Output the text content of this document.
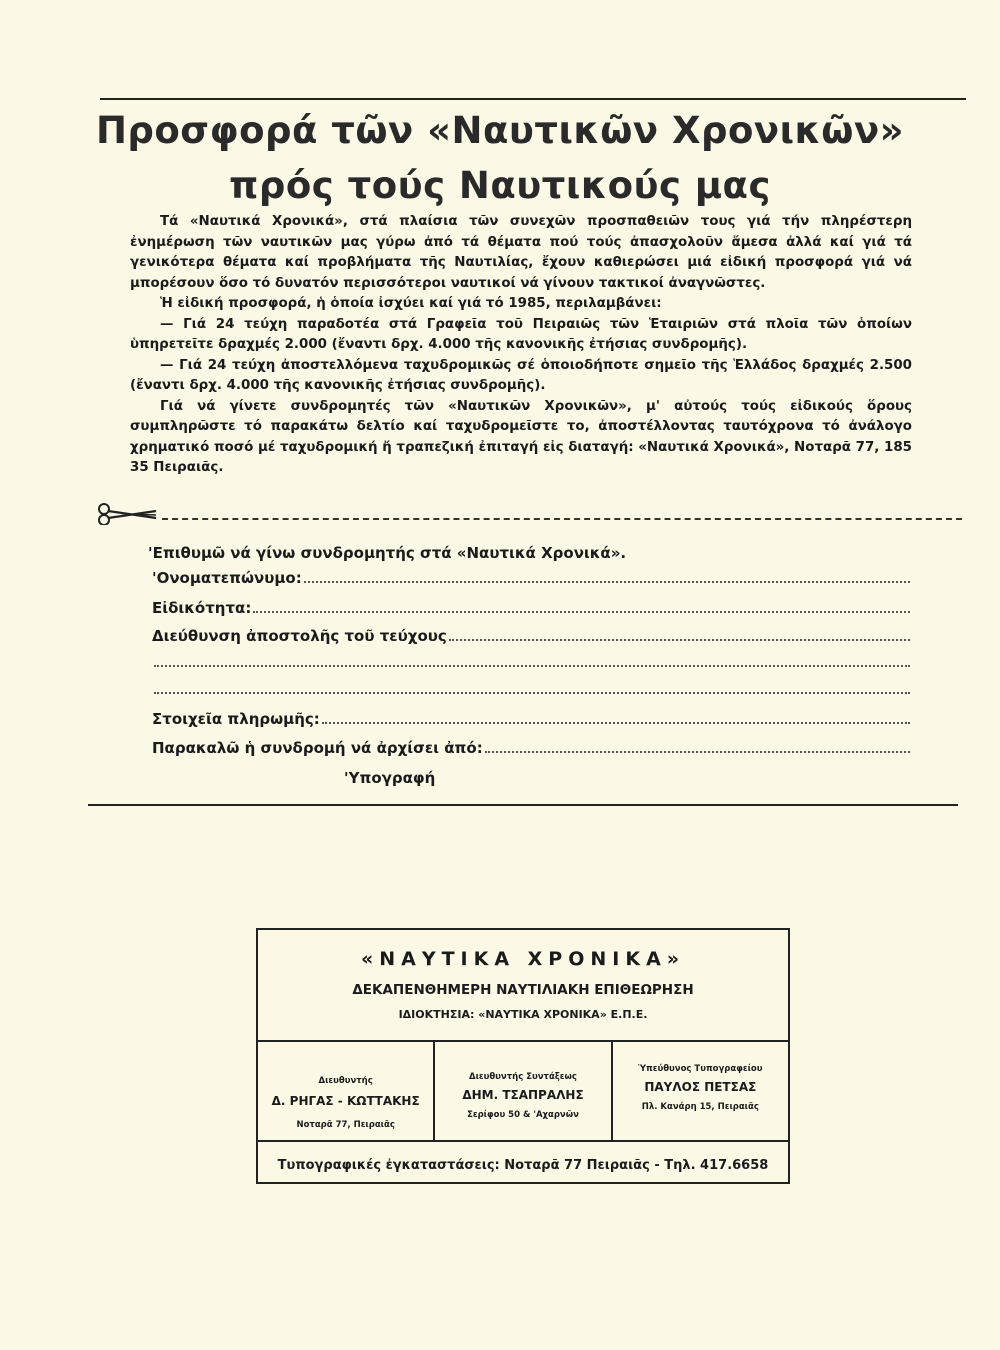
Προσφορά τῶν «Ναυτικῶν Χρονικῶν»
πρός τούς Ναυτικούς μας

Τά «Ναυτικά Χρονικά», στά πλαίσια τῶν συνεχῶν προσπαθειῶν τους γιά τήν πληρέστερη ἐνημέρωση τῶν ναυτικῶν μας γύρω ἀπό τά θέματα πού τούς ἀπασχολοῦν ἄμεσα ἀλλά καί γιά τά γενικότερα θέματα καί προβλήματα τῆς Ναυτιλίας, ἔχουν καθιερώσει μιά εἰδική προσφορά γιά νά μπορέσουν ὅσο τό δυνατόν περισσότεροι ναυτικοί νά γίνουν τακτικοί ἀναγνῶστες.

Ἡ εἰδική προσφορά, ἡ ὁποία ἰσχύει καί γιά τό 1985, περιλαμβάνει:

— Γιά 24 τεύχη παραδοτέα στά Γραφεῖα τοῦ Πειραιῶς τῶν Ἑταιριῶν στά πλοῖα τῶν ὁποίων ὑπηρετεῖτε δραχμές 2.000 (ἔναντι δρχ. 4.000 τῆς κανονικῆς ἐτήσιας συνδρομῆς).

— Γιά 24 τεύχη ἀποστελλόμενα ταχυδρομικῶς σέ ὁποιοδήποτε σημεῖο τῆς Ἑλλάδος δραχμές 2.500 (ἔναντι δρχ. 4.000 τῆς κανονικῆς ἐτήσιας συνδρομῆς).

Γιά νά γίνετε συνδρομητές τῶν «Ναυτικῶν Χρονικῶν», μ' αὐτούς τούς εἰδικούς ὅρους συμπληρῶστε τό παρακάτω δελτίο καί ταχυδρομεῖστε το, ἀποστέλλοντας ταυτόχρονα τό ἀνάλογο χρηματικό ποσό μέ ταχυδρομική ἤ τραπεζική ἐπιταγή εἰς διαταγή: «Ναυτικά Χρονικά», Νοταρᾶ 77, 185 35 Πειραιᾶς.

'Επιθυμῶ νά γίνω συνδρομητής στά «Ναυτικά Χρονικά».
'Ονοματεπώνυμο:
Εἰδικότητα:
Διεύθυνση ἀποστολῆς τοῦ τεύχους
Στοιχεῖα πληρωμῆς:
Παρακαλῶ ἡ συνδρομή νά ἀρχίσει ἀπό:
'Υπογραφή
«ΝΑΥΤΙΚΑ ΧΡΟΝΙΚΑ»
ΔΕΚΑΠΕΝΘΗΜΕΡΗ ΝΑΥΤΙΛΙΑΚΗ ΕΠΙΘΕΩΡΗΣΗ
ΙΔΙΟΚΤΗΣΙΑ: «ΝΑΥΤΙΚΑ ΧΡΟΝΙΚΑ» Ε.Π.Ε.
Διευθυντής
Δ. ΡΗΓΑΣ - ΚΩΤΤΑΚΗΣ
Νοταρᾶ 77, Πειραιᾶς
Διευθυντής Συντάξεως
ΔΗΜ. ΤΣΑΠΡΑΛΗΣ
Σερίφου 50 & 'Αχαρνῶν
Ὑπεύθυνος Τυπογραφείου
ΠΑΥΛΟΣ ΠΕΤΣΑΣ
Πλ. Κανάρη 15, Πειραιᾶς
Τυπογραφικές ἐγκαταστάσεις: Νοταρᾶ 77 Πειραιᾶς - Τηλ. 417.6658
